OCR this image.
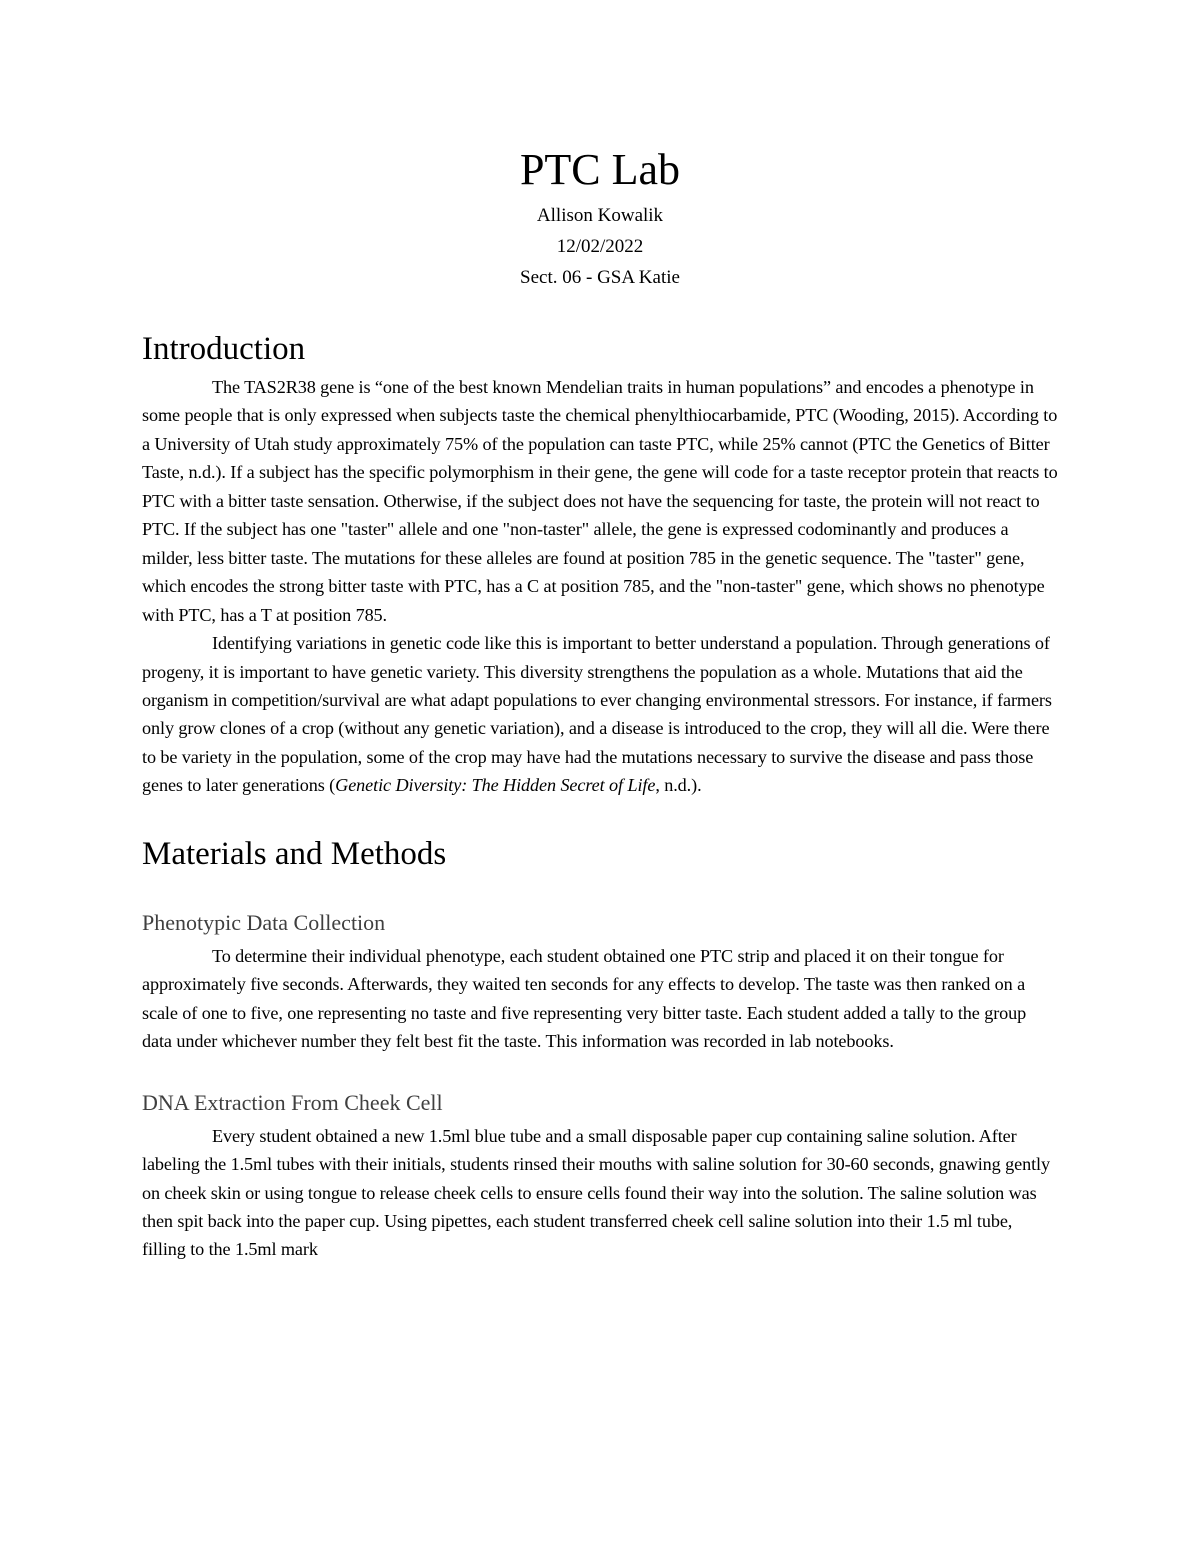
PTC Lab

Allison Kowalik

12/02/2022

Sect. 06 - GSA Katie

Introduction

The TAS2R38 gene is “one of the best known Mendelian traits in human populations” and encodes a phenotype in some people that is only expressed when subjects taste the chemical phenylthiocarbamide, PTC (Wooding, 2015). According to a University of Utah study approximately 75% of the population can taste PTC, while 25% cannot (PTC the Genetics of Bitter Taste, n.d.). If a subject has the specific polymorphism in their gene, the gene will code for a taste receptor protein that reacts to PTC with a bitter taste sensation. Otherwise, if the subject does not have the sequencing for taste, the protein will not react to PTC. If the subject has one "taster" allele and one "non-taster" allele, the gene is expressed codominantly and produces a milder, less bitter taste. The mutations for these alleles are found at position 785 in the genetic sequence. The "taster" gene, which encodes the strong bitter taste with PTC, has a C at position 785, and the "non-taster" gene, which shows no phenotype with PTC, has a T at position 785.

Identifying variations in genetic code like this is important to better understand a population. Through generations of progeny, it is important to have genetic variety. This diversity strengthens the population as a whole. Mutations that aid the organism in competition/survival are what adapt populations to ever changing environmental stressors. For instance, if farmers only grow clones of a crop (without any genetic variation), and a disease is introduced to the crop, they will all die. Were there to be variety in the population, some of the crop may have had the mutations necessary to survive the disease and pass those genes to later generations (Genetic Diversity: The Hidden Secret of Life, n.d.).

Materials and Methods
Phenotypic Data Collection

To determine their individual phenotype, each student obtained one PTC strip and placed it on their tongue for approximately five seconds. Afterwards, they waited ten seconds for any effects to develop. The taste was then ranked on a scale of one to five, one representing no taste and five representing very bitter taste. Each student added a tally to the group data under whichever number they felt best fit the taste. This information was recorded in lab notebooks.

DNA Extraction From Cheek Cell

Every student obtained a new 1.5ml blue tube and a small disposable paper cup containing saline solution. After labeling the 1.5ml tubes with their initials, students rinsed their mouths with saline solution for 30-60 seconds, gnawing gently on cheek skin or using tongue to release cheek cells to ensure cells found their way into the solution. The saline solution was then spit back into the paper cup. Using pipettes, each student transferred cheek cell saline solution into their 1.5 ml tube, filling to the 1.5ml mark
